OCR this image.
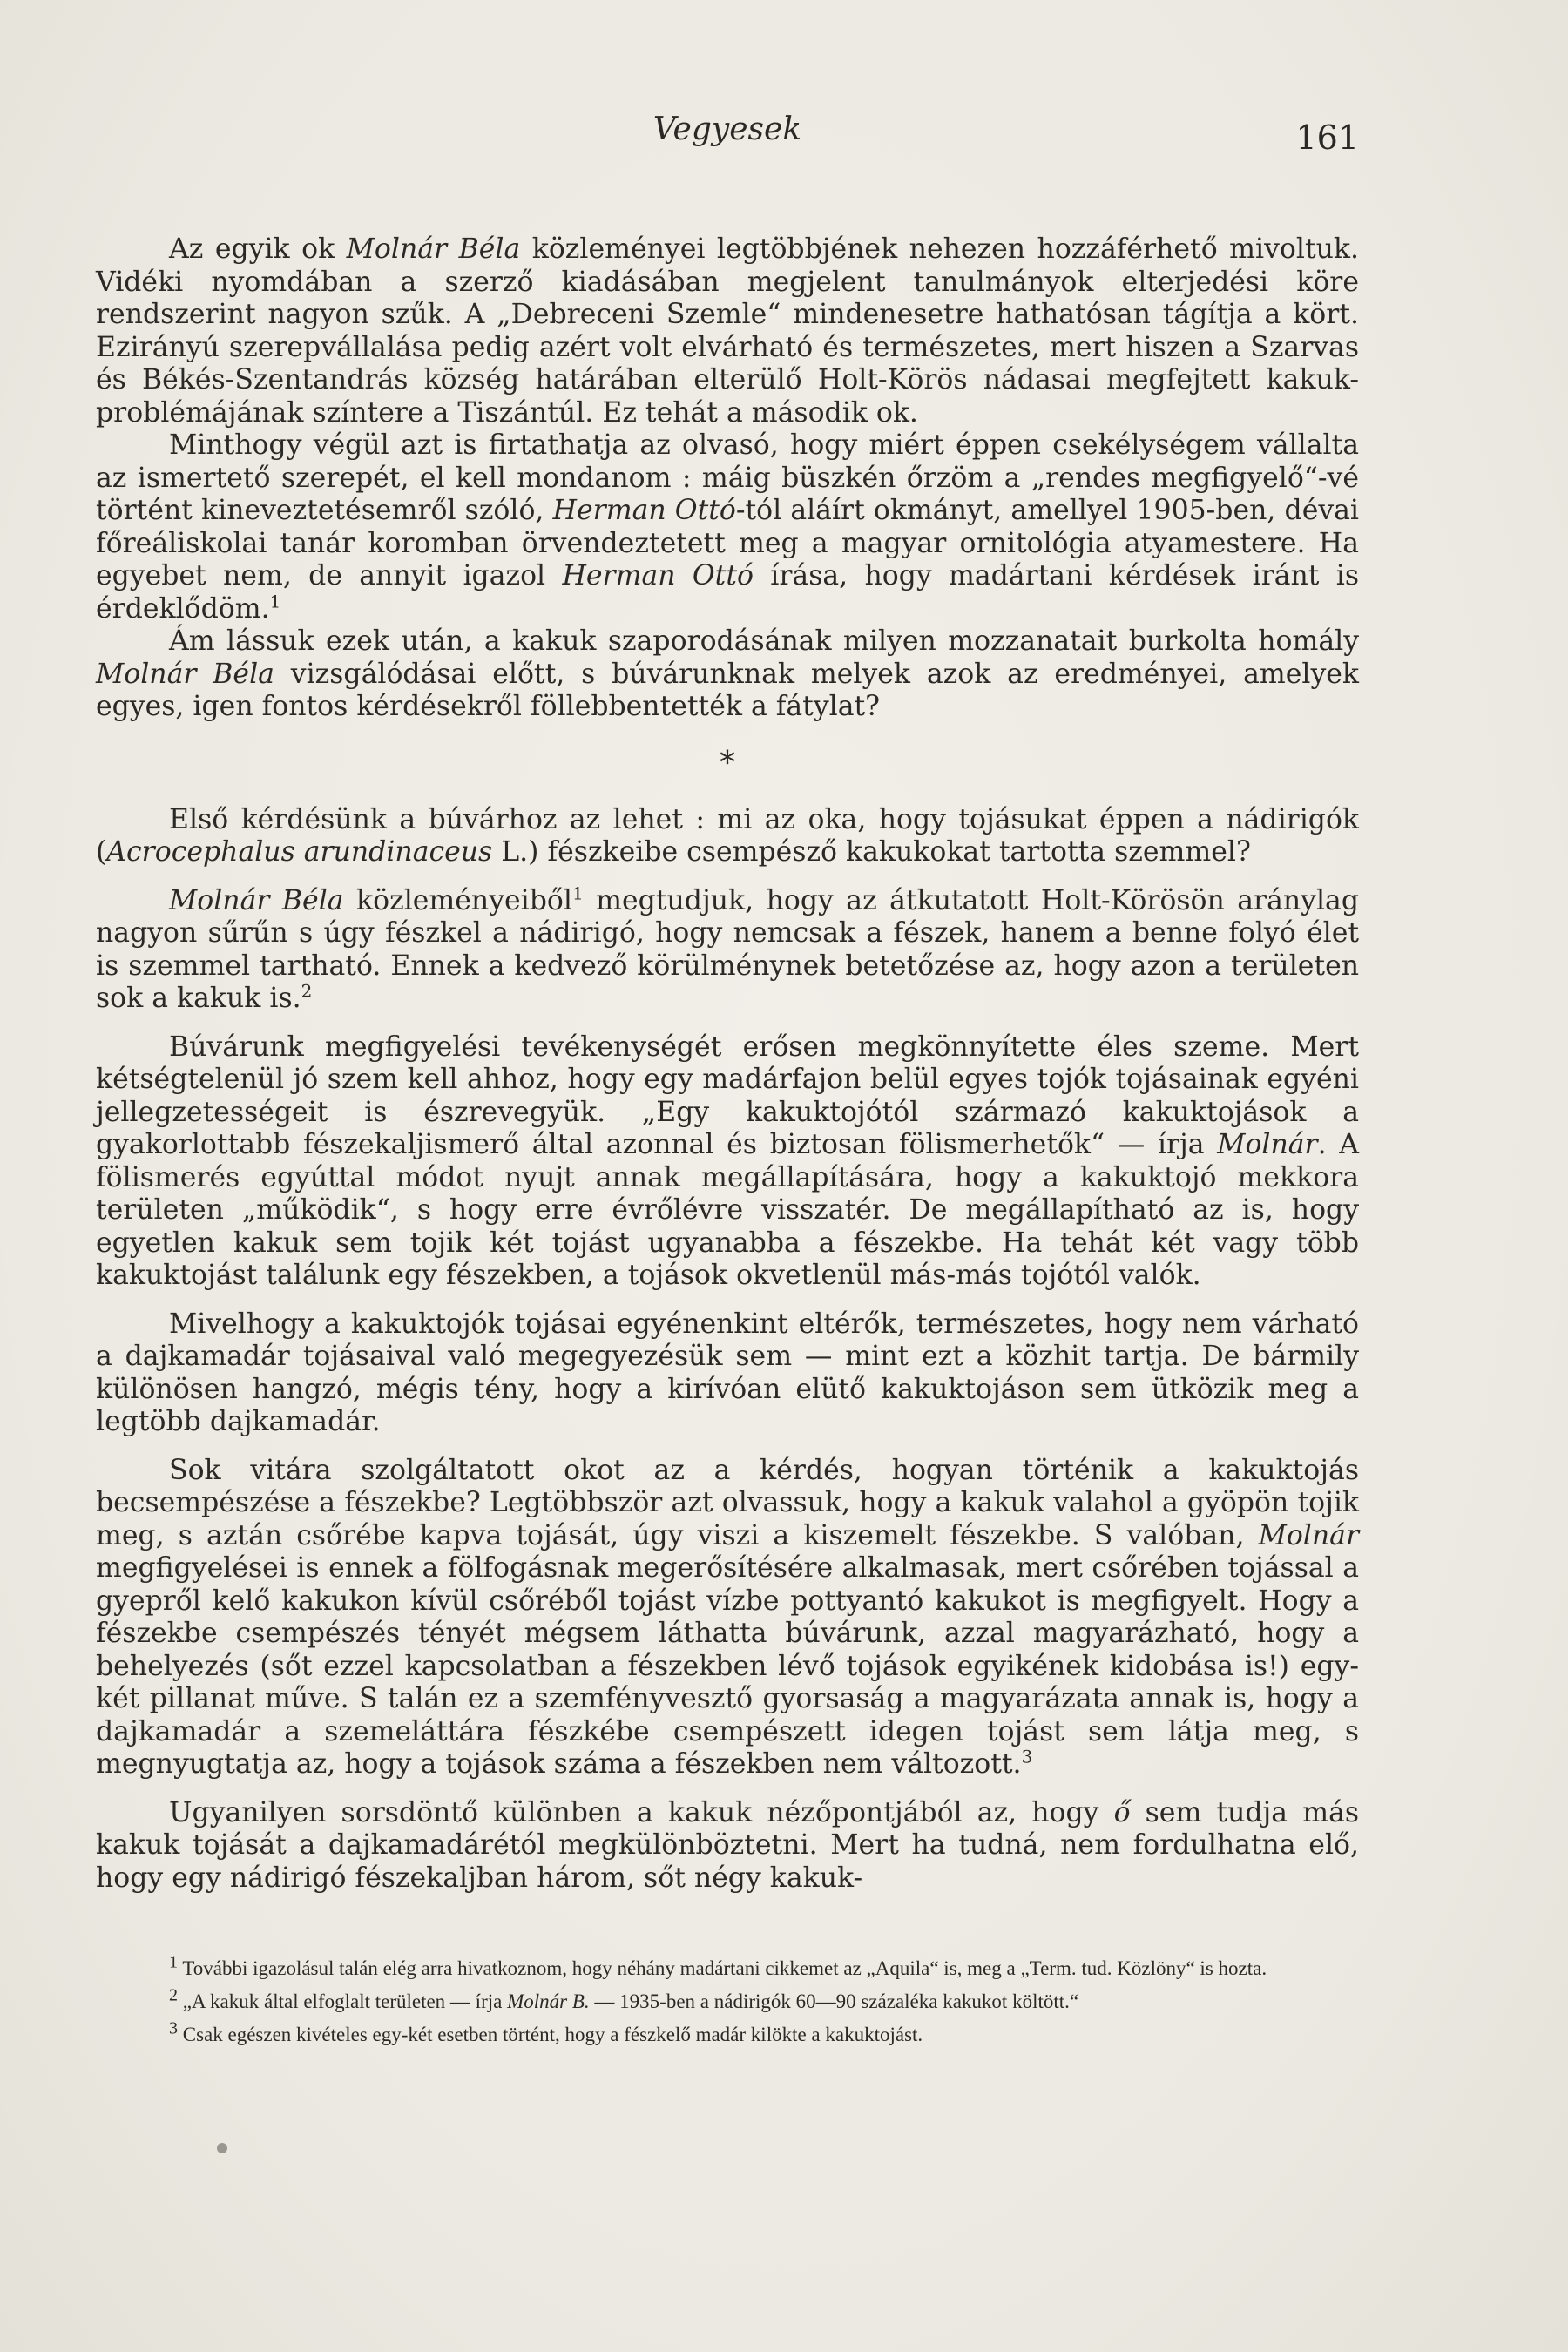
Vegyesek	161

Az egyik ok Molnár Béla közleményei legtöbbjének nehezen hozzáférhető mivoltuk. Vidéki nyomdában a szerző kiadásában megjelent tanulmányok elterjedési köre rendszerint nagyon szűk. A „Debreceni Szemle“ mindenesetre hathatósan tágítja a kört. Ezirányú szerepvállalása pedig azért volt elvárható és természetes, mert hiszen a Szarvas és Békés-Szentandrás község határában elterülő Holt-Körös nádasai megfejtett kakuk-problémájának színtere a Tiszántúl. Ez tehát a második ok.

Minthogy végül azt is firtathatja az olvasó, hogy miért éppen csekélységem vállalta az ismertető szerepét, el kell mondanom : máig büszkén őrzöm a „rendes megfigyelő“-vé történt kineveztetésemről szóló, Herman Ottó-tól aláírt okmányt, amellyel 1905-ben, dévai főreáliskolai tanár koromban örvendeztetett meg a magyar ornitológia atyamestere. Ha egyebet nem, de annyit igazol Herman Ottó írása, hogy madártani kérdések iránt is érdeklődöm.$^1$

Ám lássuk ezek után, a kakuk szaporodásának milyen mozzanatait burkolta homály Molnár Béla vizsgálódásai előtt, s búvárunknak melyek azok az eredményei, amelyek egyes, igen fontos kérdésekről föllebbentették a fátylat?

*

Első kérdésünk a búvárhoz az lehet : mi az oka, hogy tojásukat éppen a nádirigók (Acrocephalus arundinaceus L.) fészkeibe csempésző kakukokat tartotta szemmel?

Molnár Béla közleményeiből$^1$ megtudjuk, hogy az átkutatott Holt-Körösön aránylag nagyon sűrűn s úgy fészkel a nádirigó, hogy nemcsak a fészek, hanem a benne folyó élet is szemmel tartható. Ennek a kedvező körülménynek betetőzése az, hogy azon a területen sok a kakuk is.$^2$

Búvárunk megfigyelési tevékenységét erősen megkönnyítette éles szeme. Mert kétségtelenül jó szem kell ahhoz, hogy egy madárfajon belül egyes tojók tojásainak egyéni jellegzetességeit is észrevegyük. „Egy kakuktojótól származó kakuktojások a gyakorlottabb fészekaljismerő által azonnal és biztosan fölismerhetők“ — írja Molnár. A fölismerés egyúttal módot nyujt annak megállapítására, hogy a kakuktojó mekkora területen „működik“, s hogy erre évrőlévre visszatér. De megállapítható az is, hogy egyetlen kakuk sem tojik két tojást ugyanabba a fészekbe. Ha tehát két vagy több kakuktojást találunk egy fészekben, a tojások okvetlenül más-más tojótól valók.

Mivelhogy a kakuktojók tojásai egyénenkint eltérők, természetes, hogy nem várható a dajkamadár tojásaival való megegyezésük sem — mint ezt a közhit tartja. De bármily különösen hangzó, mégis tény, hogy a kirívóan elütő kakuktojáson sem ütközik meg a legtöbb dajkamadár.

Sok vitára szolgáltatott okot az a kérdés, hogyan történik a kakuktojás becsempészése a fészekbe? Legtöbbször azt olvassuk, hogy a kakuk valahol a gyöpön tojik meg, s aztán csőrébe kapva tojását, úgy viszi a kiszemelt fészekbe. S valóban, Molnár megfigyelései is ennek a fölfogásnak megerősítésére alkalmasak, mert csőrében tojással a gyepről kelő kakukon kívül csőréből tojást vízbe pottyantó kakukot is megfigyelt. Hogy a fészekbe csempészés tényét mégsem láthatta búvárunk, azzal magyarázható, hogy a behelyezés (sőt ezzel kapcsolatban a fészekben lévő tojások egyikének kidobása is!) egy-két pillanat műve. S talán ez a szemfényvesztő gyorsaság a magyarázata annak is, hogy a dajkamadár a szemeláttára fészkébe csempészett idegen tojást sem látja meg, s megnyugtatja az, hogy a tojások száma a fészekben nem változott.$^3$

Ugyanilyen sorsdöntő különben a kakuk nézőpontjából az, hogy ő sem tudja más kakuk tojását a dajkamadárétól megkülönböztetni. Mert ha tudná, nem fordulhatna elő, hogy egy nádirigó fészekaljban három, sőt négy kakuk-

1 További igazolásul talán elég arra hivatkoznom, hogy néhány madártani cikkemet az „Aquila“ is, meg a „Term. tud. Közlöny“ is hozta.

2 „A kakuk által elfoglalt területen — írja Molnár B. — 1935-ben a nádirigók 60—90 százaléka kakukot költött.“

3 Csak egészen kivételes egy-két esetben történt, hogy a fészkelő madár kilökte a kakuktojást.
